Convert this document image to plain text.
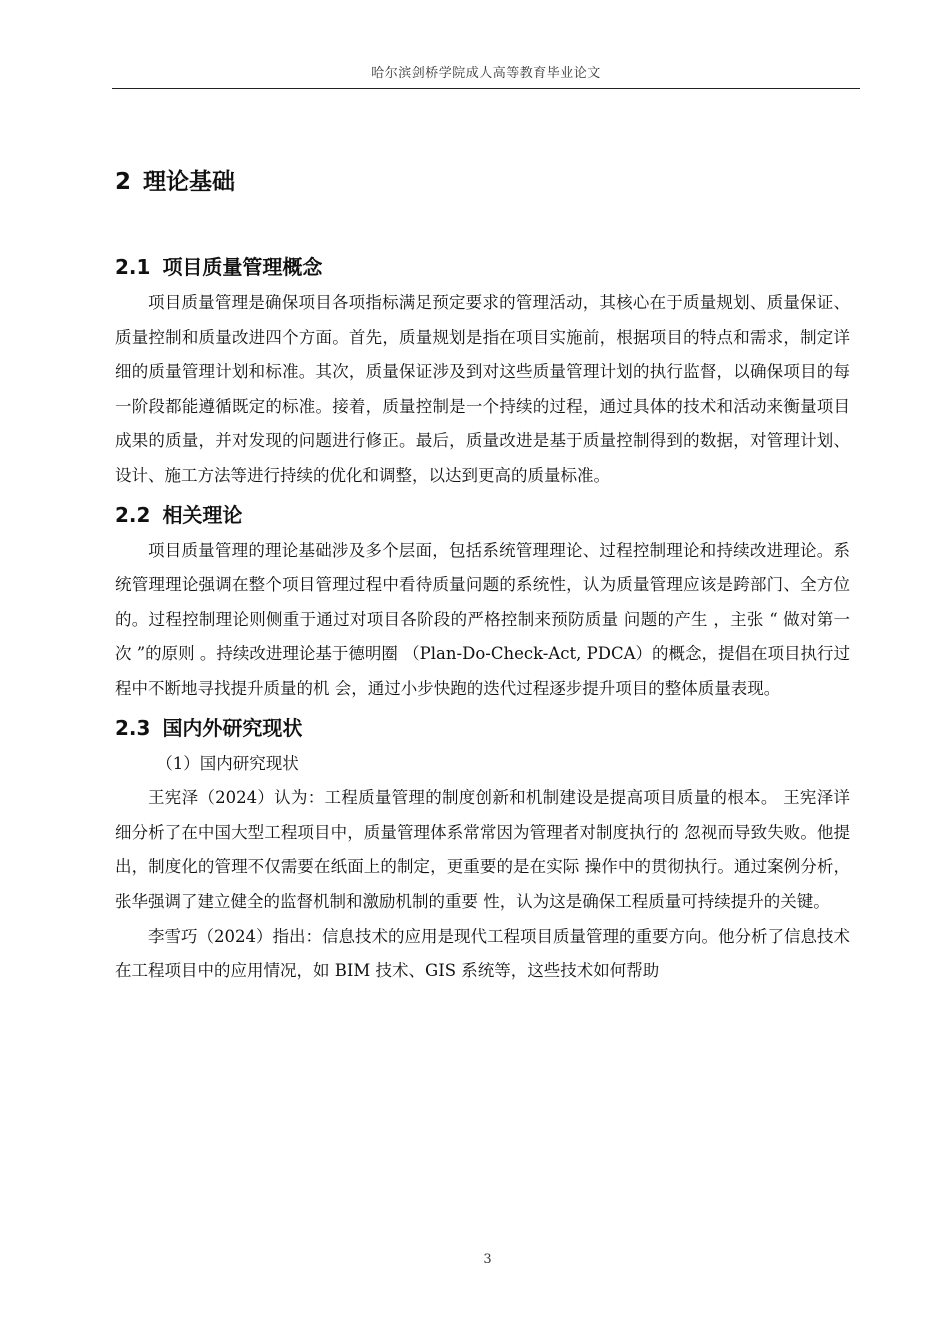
哈尔滨剑桥学院成人高等教育毕业论文
2 理论基础
2.1 项目质量管理概念

项目质量管理是确保项目各项指标满足预定要求的管理活动，其核心在于质量规划、质量保证、质量控制和质量改进四个方面。首先，质量规划是指在项目实施前，根据项目的特点和需求，制定详细的质量管理计划和标准。其次，质量保证涉及到对这些质量管理计划的执行监督，以确保项目的每一阶段都能遵循既定的标准。接着，质量控制是一个持续的过程，通过具体的技术和活动来衡量项目成果的质量，并对发现的问题进行修正。最后，质量改进是基于质量控制得到的数据，对管理计划、设计、施工方法等进行持续的优化和调整，以达到更高的质量标准。

2.2 相关理论

项目质量管理的理论基础涉及多个层面，包括系统管理理论、过程控制理论和持续改进理论。系统管理理论强调在整个项目管理过程中看待质量问题的系统性，认为质量管理应该是跨部门、全方位的。过程控制理论则侧重于通过对项目各阶段的严格控制来预防质量 问题的产生 ，主张 “ 做对第一次 ”的原则 。持续改进理论基于德明圈 （Plan-Do-Check-Act, PDCA）的概念，提倡在项目执行过程中不断地寻找提升质量的机 会，通过小步快跑的迭代过程逐步提升项目的整体质量表现。

2.3 国内外研究现状

（1）国内研究现状

王宪泽（2024）认为：工程质量管理的制度创新和机制建设是提高项目质量的根本。 王宪泽详细分析了在中国大型工程项目中，质量管理体系常常因为管理者对制度执行的 忽视而导致失败。他提出，制度化的管理不仅需要在纸面上的制定，更重要的是在实际 操作中的贯彻执行。通过案例分析，张华强调了建立健全的监督机制和激励机制的重要 性，认为这是确保工程质量可持续提升的关键。

李雪巧（2024）指出：信息技术的应用是现代工程项目质量管理的重要方向。他分析了信息技术在工程项目中的应用情况，如 BIM 技术、GIS 系统等，这些技术如何帮助

3
